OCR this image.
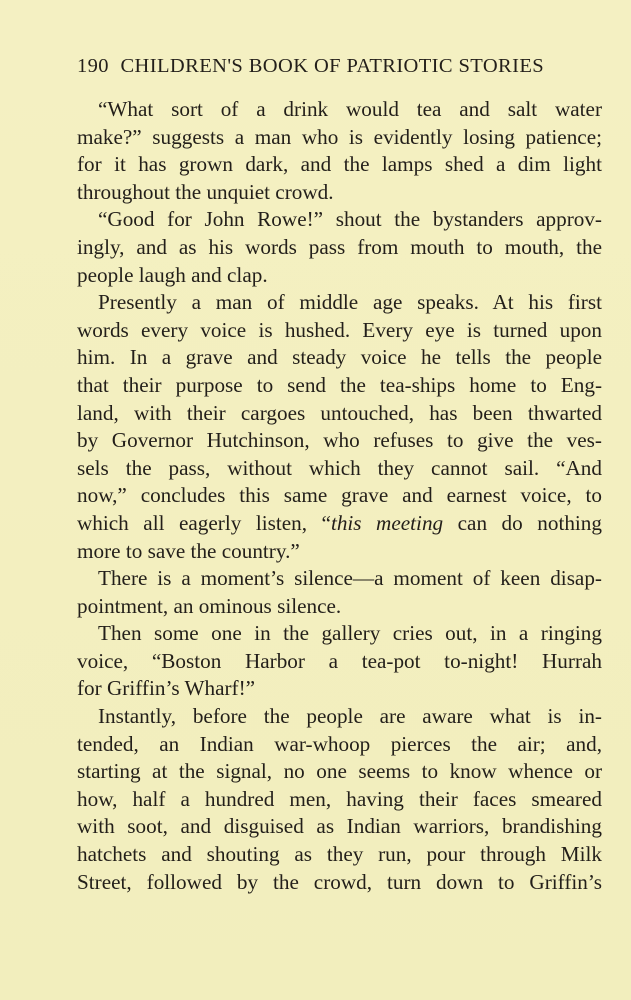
190 CHILDREN'S BOOK OF PATRIOTIC STORIES
“What sort of a drink would tea and salt water
make?” suggests a man who is evidently losing patience;
for it has grown dark, and the lamps shed a dim light
throughout the unquiet crowd.
“Good for John Rowe!” shout the bystanders approv-
ingly, and as his words pass from mouth to mouth, the
people laugh and clap.
Presently a man of middle age speaks. At his first
words every voice is hushed. Every eye is turned upon
him. In a grave and steady voice he tells the people
that their purpose to send the tea-ships home to Eng-
land, with their cargoes untouched, has been thwarted
by Governor Hutchinson, who refuses to give the ves-
sels the pass, without which they cannot sail. “And
now,” concludes this same grave and earnest voice, to
which all eagerly listen, “this meeting can do nothing
more to save the country.”
There is a moment’s silence—a moment of keen disap-
pointment, an ominous silence.
Then some one in the gallery cries out, in a ringing
voice, “Boston Harbor a tea-pot to-night! Hurrah
for Griffin’s Wharf!”
Instantly, before the people are aware what is in-
tended, an Indian war-whoop pierces the air; and,
starting at the signal, no one seems to know whence or
how, half a hundred men, having their faces smeared
with soot, and disguised as Indian warriors, brandishing
hatchets and shouting as they run, pour through Milk
Street, followed by the crowd, turn down to Griffin’s
